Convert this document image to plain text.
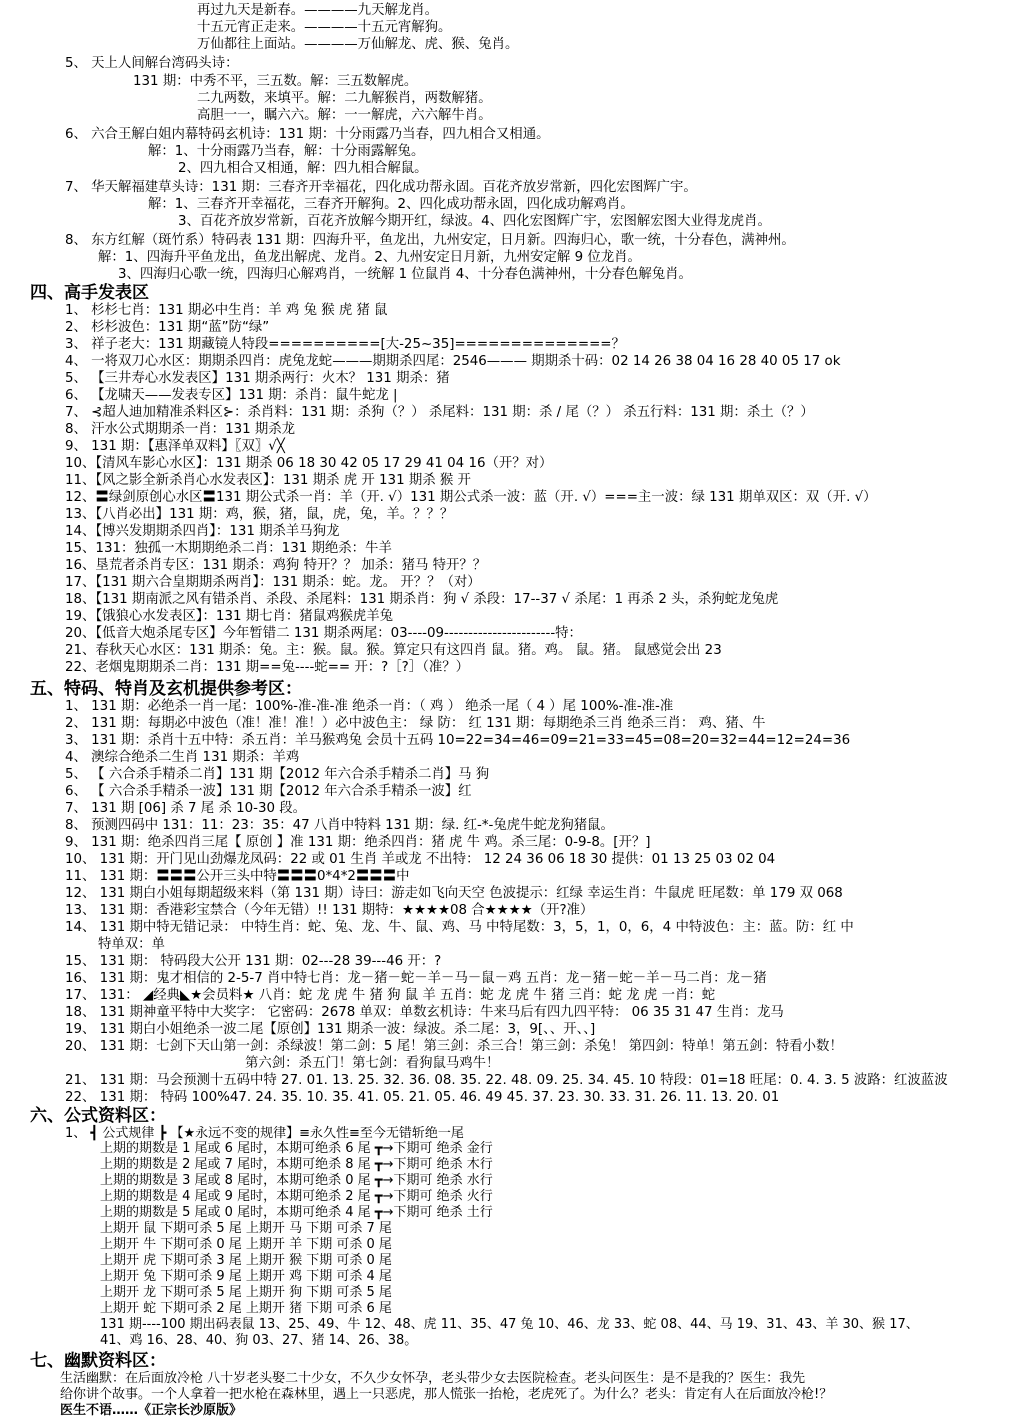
再过九天是新春。————九天解龙肖。
十五元宵正走来。————十五元宵解狗。
万仙都往上面站。————万仙解龙、虎、猴、兔肖。
5、 天上人间解台湾码头诗：
131 期：中秀不平，三五数。解：三五数解虎。
二九两数，来填平。解：二九解猴肖，两数解猪。
高胆一一，瞩六六。解：一一解虎，六六解牛肖。
6、 六合王解白姐内幕特码玄机诗：131 期：十分雨露乃当春，四九相合又相通。
解：1、十分雨露乃当春，解：十分雨露解兔。
2、四九相合又相通，解：四九相合解鼠。
7、 华天解福建草头诗：131 期：三春齐开幸福花，四化成功帮永固。百花齐放岁常新，四化宏图辉广宇。
解：1、三春齐开幸福花，三春齐开解狗。2、四化成功帮永固，四化成功解鸡肖。
3、百花齐放岁常新，百花齐放解今期开红，绿波。4、四化宏图辉广宇，宏图解宏图大业得龙虎肖。
8、 东方红解（斑竹系）特码表 131 期：四海升平，鱼龙出，九州安定，日月新。四海归心，歌一统，十分春色，满神州。
解：1、四海升平鱼龙出，鱼龙出解虎、龙肖。2、九州安定日月新，九州安定解 9 位龙肖。
3、四海归心歌一统，四海归心解鸡肖，一统解 1 位鼠肖 4、十分春色满神州，十分春色解兔肖。
四、高手发表区
1、 杉杉七肖：131 期必中生肖：羊 鸡 兔 猴 虎 猪 鼠
2、 杉杉波色：131 期“蓝”防“绿”
3、 祥子老大：131 期藏镜人特段==========[大-25~35]==============？
4、 一将双刀心水区：期期杀四肖：虎兔龙蛇———期期杀四尾：2546——— 期期杀十码：02 14 26 38 04 16 28 40 05 17 ok
5、 【三井寿心水发表区】131 期杀两行：火木？ 131 期杀：猪
6、 【龙啸天——发表专区】131 期：杀肖：鼠牛蛇龙 |
7、 ⊰超人迪加精准杀料区⊱：杀肖料：131 期：杀狗（？） 杀尾料：131 期：杀 / 尾（？） 杀五行料：131 期：杀土（？）
8、 汗水公式期期杀一肖：131 期杀龙
9、 131 期：【惠泽单双料】〖双〗√╳
10、【清风车影心水区】：131 期杀 06 18 30 42 05 17 29 41 04 16（开？对）
11、【风之影全新杀肖心水发表区】：131 期杀 虎 开 131 期杀 猴 开
12、〓绿剑原创心水区〓131 期公式杀一肖：羊（开. √）131 期公式杀一波：蓝（开. √）===主一波：绿 131 期单双区：双（开. √）
13、【八肖必出】131 期：鸡，猴，猪，鼠，虎，兔，羊。？？？
14、【博兴发期期杀四肖】：131 期杀羊马狗龙
15、131：独孤一木期期绝杀二肖：131 期绝杀：牛羊
16、垦荒者杀肖专区：131 期杀：鸡狗 特开？？ 加杀：猪马 特开？？
17、【131 期六合皇期期杀两肖】：131 期杀：蛇。龙。 开？？（对）
18、【131 期南派之风有错杀肖、杀段、杀尾料：131 期杀肖：狗 √ 杀段：17--37 √ 杀尾：1 再杀 2 头，杀狗蛇龙兔虎
19、【饿狼心水发表区】：131 期七肖：猪鼠鸡猴虎羊兔
20、【低音大炮杀尾专区】今年暂错二 131 期杀两尾：03----09-----------------------特：
21、春秋天心水区：131 期杀：兔。主：猴。鼠。猴。算定只有这四肖 鼠。猪。鸡。 鼠。猪。 鼠感觉会出 23
22、老烟鬼期期杀二肖：131 期==兔----蛇== 开：?［?］（准？）
五、特码、特肖及玄机提供参考区：
1、 131 期：必绝杀一肖一尾：100%-准-准-准 绝杀一肖：（ 鸡 ） 绝杀一尾（ 4 ）尾 100%-准-准-准
2、 131 期：每期必中波色（准！准！准！）必中波色主： 绿 防： 红 131 期：每期绝杀三肖 绝杀三肖： 鸡、猪、牛
3、 131 期：杀肖十五中特：杀五肖：羊马猴鸡兔 会员十五码 10=22=34=46=09=21=33=45=08=20=32=44=12=24=36
4、 澳综合绝杀二生肖 131 期杀：羊鸡
5、 【 六合杀手精杀二肖】131 期【2012 年六合杀手精杀二肖】马 狗
6、 【 六合杀手精杀一波】131 期【2012 年六合杀手精杀一波】红
7、 131 期 [06] 杀 7 尾 杀 10-30 段。
8、 预测四码中 131：11：23：35：47 八肖中特料 131 期：绿. 红-*-兔虎牛蛇龙狗猪鼠。
9、 131 期：绝杀四肖三尾【 原创 】准 131 期：绝杀四肖：猪 虎 牛 鸡。杀三尾：0-9-8。[开？]
10、 131 期：开门见山劲爆龙凤码：22 或 01 生肖 羊或龙 不出特： 12 24 36 06 18 30 提供：01 13 25 03 02 04
11、 131 期：〓〓〓公开三头中特〓〓〓0*4*2〓〓〓中
12、 131 期白小姐每期超级来料（第 131 期）诗曰：游走如飞向天空 色波提示：红绿 幸运生肖：牛鼠虎 旺尾数：单 179 双 068
13、 131 期：香港彩宝禁合（今年无错）!! 131 期特：★★★★08 合★★★★（开?准）
14、 131 期中特无错记录： 中特生肖：蛇、兔、龙、牛、鼠、鸡、马 中特尾数：3，5，1，0，6，4 中特波色：主：蓝。防：红 中
特单双：单
15、 131 期： 特码段大公开 131 期：02---28 39---46 开：?
16、 131 期：鬼才相信的 2-5-7 肖中特七肖：龙－猪－蛇－羊－马－鼠－鸡 五肖：龙－猪－蛇－羊－马二肖：龙－猪
17、 131： ◢经典◣★会员料★ 八肖：蛇 龙 虎 牛 猪 狗 鼠 羊 五肖：蛇 龙 虎 牛 猪 三肖：蛇 龙 虎 一肖：蛇
18、 131 期神童平特中大奖字： 它密码：2678 单双：单数玄机诗：牛来马后有四九四平特： 06 35 31 47 生肖：龙马
19、 131 期白小姐绝杀一波二尾【原创】131 期杀一波：绿波。杀二尾：3，9[、、开、、]
20、 131 期：七剑下天山第一剑：杀绿波！第二剑：5 尾！第三剑：杀三合！第三剑：杀兔！ 第四剑：特单！第五剑：特看小数！
第六剑：杀五门！第七剑：看狗鼠马鸡牛！
21、 131 期：马会预测十五码中特 27. 01. 13. 25. 32. 36. 08. 35. 22. 48. 09. 25. 34. 45. 10 特段：01=18 旺尾：0. 4. 3. 5 波路：红波蓝波
22、 131 期： 特码 100%47. 24. 35. 10. 35. 41. 05. 21. 05. 46. 49 45. 37. 23. 30. 33. 31. 26. 11. 13. 20. 01
六、公式资料区：
1、 ┫ 公式规律 ┣ 【★永远不变的规律】≡永久性≡至今无错斩绝一尾
上期的期数是 1 尾或 6 尾时，本期可绝杀 6 尾 ┳→下期可 绝杀 金行
上期的期数是 2 尾或 7 尾时，本期可绝杀 8 尾 ┳→下期可 绝杀 木行
上期的期数是 3 尾或 8 尾时，本期可绝杀 0 尾 ┳→下期可 绝杀 水行
上期的期数是 4 尾或 9 尾时，本期可绝杀 2 尾 ┳→下期可 绝杀 火行
上期的期数是 5 尾或 0 尾时，本期可绝杀 4 尾 ┳→下期可 绝杀 土行
上期开 鼠 下期可杀 5 尾 上期开 马 下期 可杀 7 尾
上期开 牛 下期可杀 0 尾 上期开 羊 下期 可杀 0 尾
上期开 虎 下期可杀 3 尾 上期开 猴 下期 可杀 0 尾
上期开 兔 下期可杀 9 尾 上期开 鸡 下期 可杀 4 尾
上期开 龙 下期可杀 5 尾 上期开 狗 下期 可杀 5 尾
上期开 蛇 下期可杀 2 尾 上期开 猪 下期 可杀 6 尾
131 期----100 期出码表鼠 13、25、49、牛 12、48、虎 11、35、47 兔 10、46、龙 33、蛇 08、44、马 19、31、43、羊 30、猴 17、
41、鸡 16、28、40、狗 03、27、猪 14、26、38。
七、幽默资料区：
生活幽默：在后面放冷枪 八十岁老头娶二十少女，不久少女怀孕，老头带少女去医院检查。老头问医生：是不是我的？医生：我先
给你讲个故事。一个人拿着一把水枪在森林里，遇上一只恶虎，那人慌张一抬枪，老虎死了。为什么？老头：肯定有人在后面放冷枪!？
医生不语……《正宗长沙原版》
